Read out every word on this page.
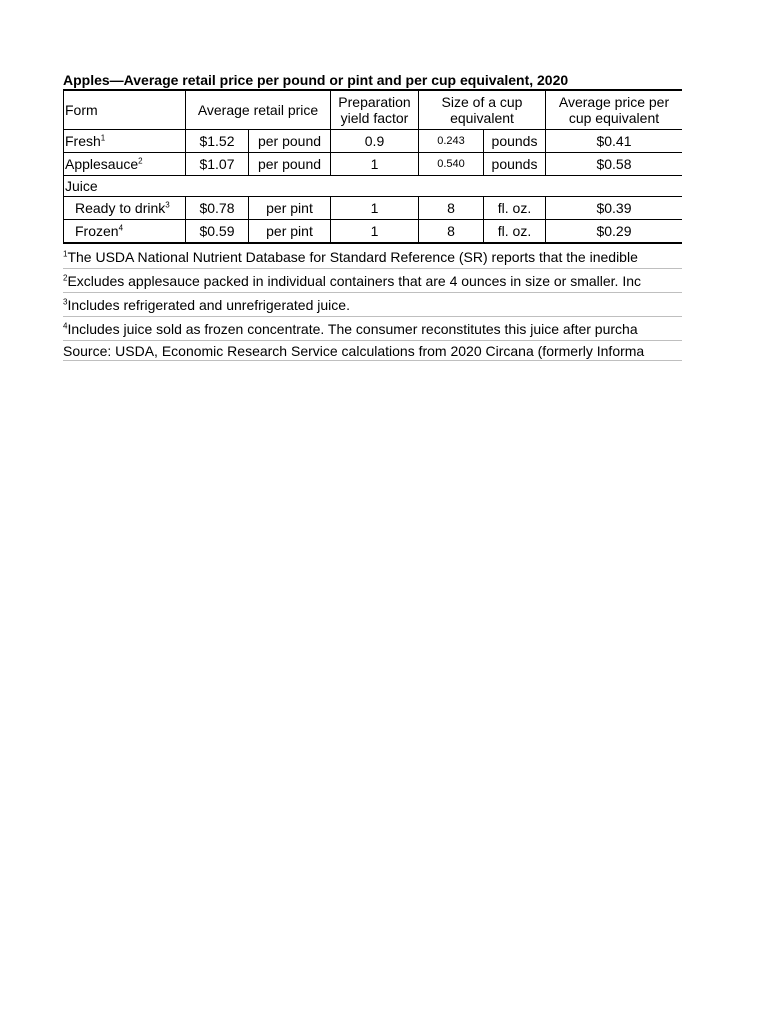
Apples—Average retail price per pound or pint and per cup equivalent, 2020
Form	Average retail price		Preparation yield factor	Size of a cup equivalent		Average price per cup equivalent
Fresh$^1$	$1.52	per pound	0.9	0.243	pounds	$0.41
Applesauce$^2$	$1.07	per pound	1	0.540	pounds	$0.58
Juice						
Ready to drink$^3$	$0.78	per pint	1	8	fl. oz.	$0.39
Frozen$^4$	$0.59	per pint	1	8	fl. oz.	$0.29
$^1$The USDA National Nutrient Database for Standard Reference (SR) reports that the inedible
$^2$Excludes applesauce packed in individual containers that are 4 ounces in size or smaller. Inc
$^3$Includes refrigerated and unrefrigerated juice.
$^4$Includes juice sold as frozen concentrate. The consumer reconstitutes this juice after purcha
Source: USDA, Economic Research Service calculations from 2020 Circana (formerly Informa
